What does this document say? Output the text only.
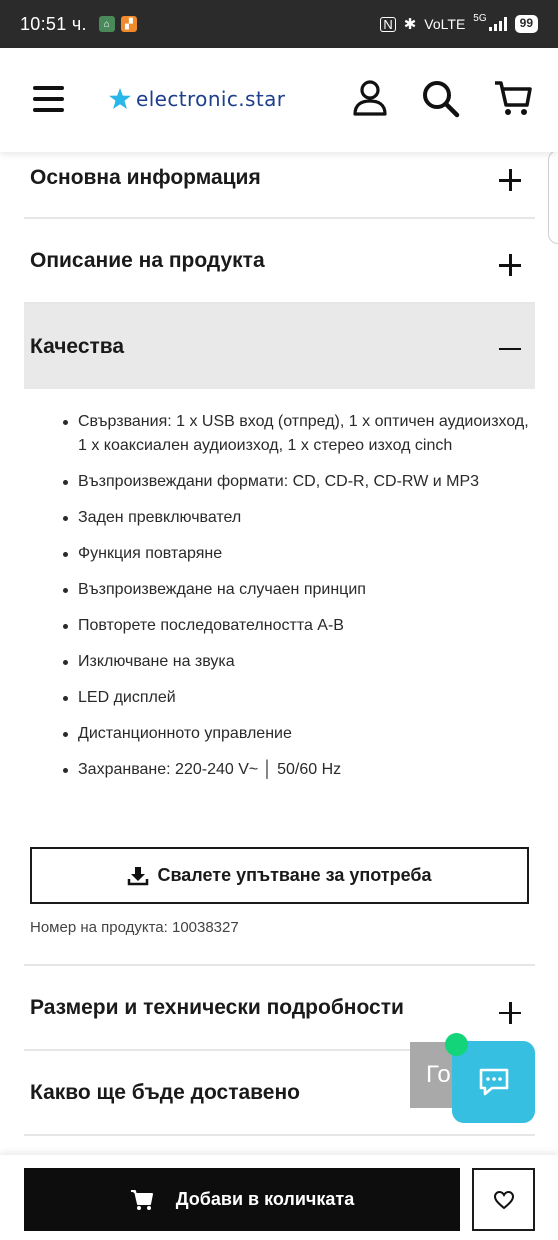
10:51 ч.	⌂	▞	N ✱ VoLTE 5G	99
electronic.star
Основна информация
Описание на продукта
Качества
Свързвания: 1 x USB вход (отпред), 1 x оптичен аудиоизход, 1 x коаксиален аудиоизход, 1 x стерео изход cinch
Възпроизвеждани формати: CD, CD-R, CD-RW и MP3
Заден превключвател
Функция повтаряне
Възпроизвеждане на случаен принцип
Повторете последователността A-B
Изключване на звука
LED дисплей
Дистанционното управление
Захранване: 220-240 V~ │ 50/60 Hz
Свалете упътване за употреба
Номер на продукта: 10038327
Размери и технически подробности
Какво ще бъде доставено
Го
Добави в количката
